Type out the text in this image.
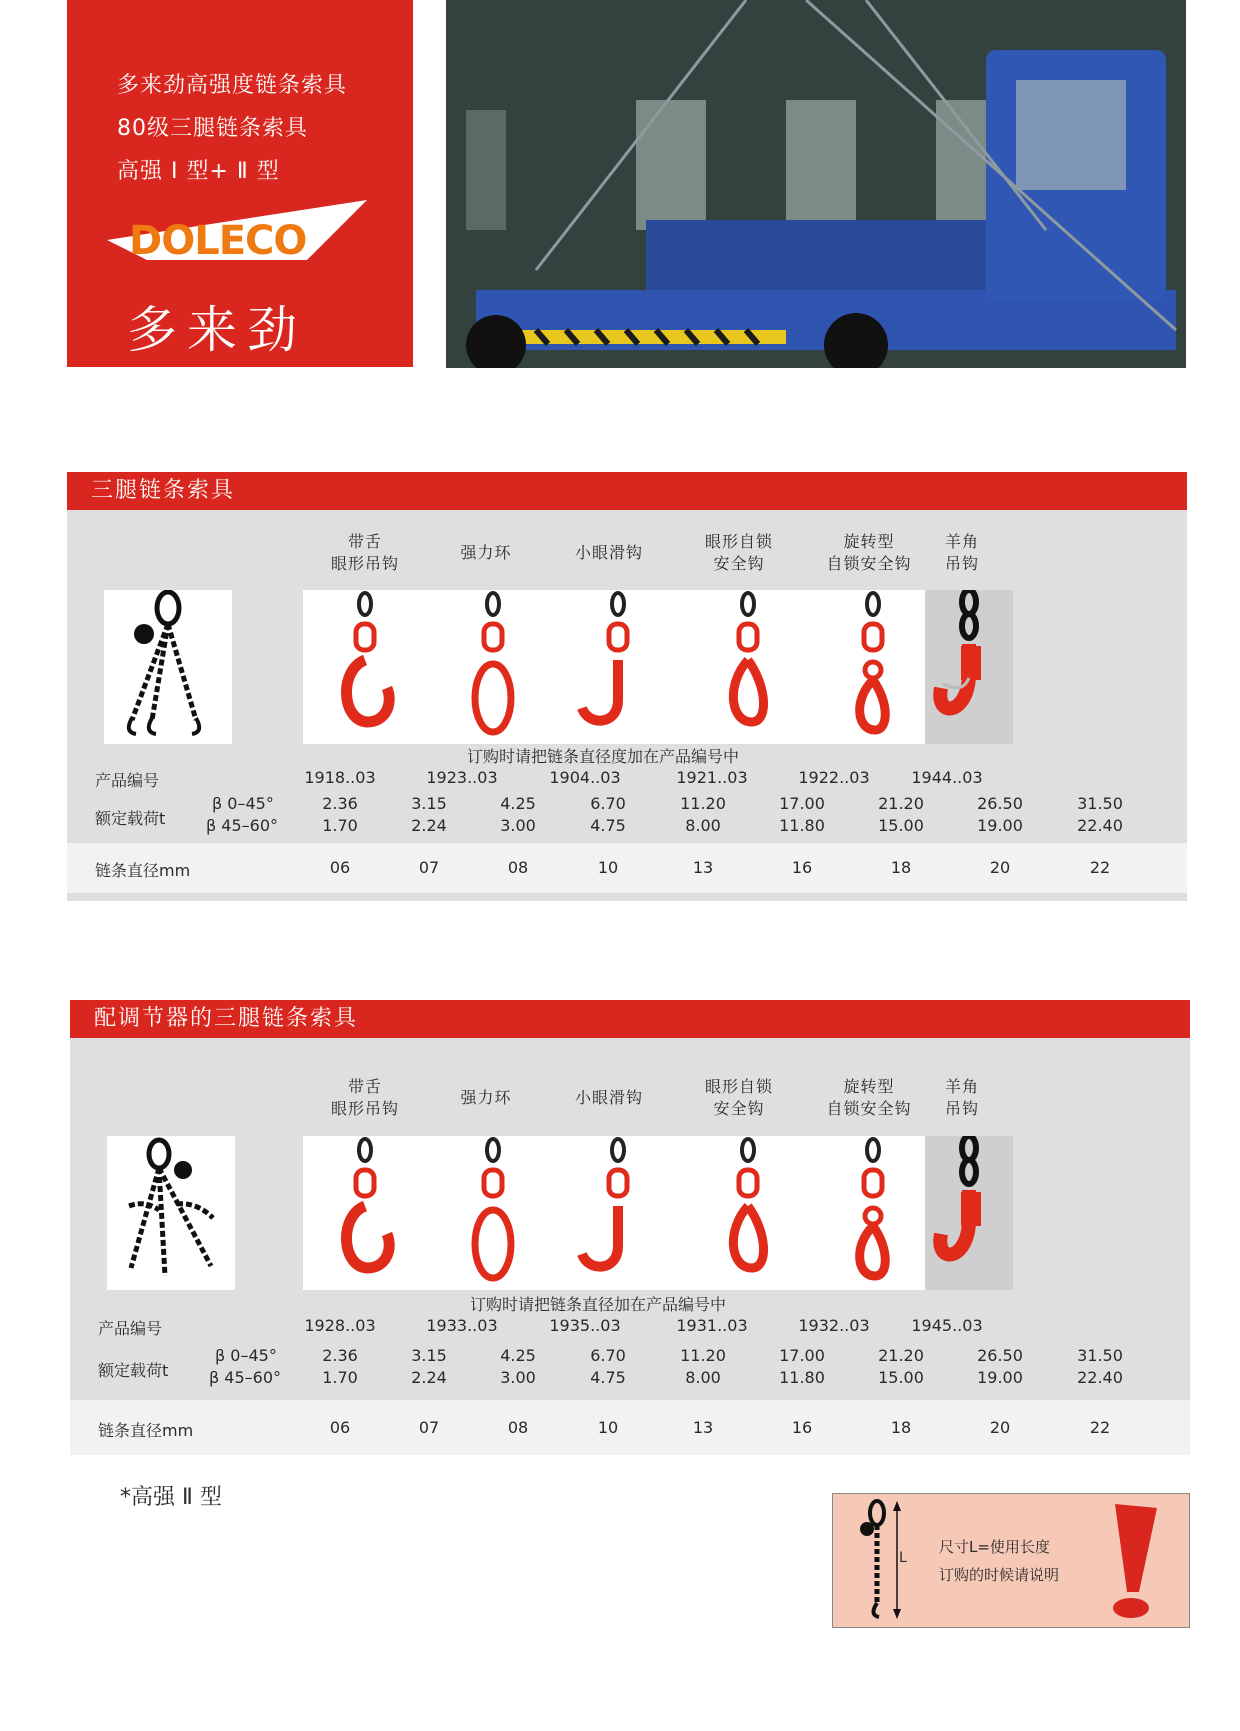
多来劲高强度链条索具
80级三腿链条索具
高强 Ⅰ 型+ Ⅱ 型
DOLECO
多来劲
三腿链条索具
带舌
眼形吊钩
强力环	小眼滑钩
眼形自锁
安全钩
旋转型
自锁安全钩
羊角
吊钩
订购时请把链条直径度加在产品编号中
产品编号	1918..03	1923..03	1904..03	1921..03	1922..03	1944..03
额定载荷t
β 0–45°
β 45–60°
2.36	3.15	4.25	6.70	11.20	17.00	21.20	26.50	31.50
1.70	2.24	3.00	4.75	8.00	11.80	15.00	19.00	22.40
链条直径mm	06	07	08	10	13	16	18	20	22
配调节器的三腿链条索具
带舌
眼形吊钩
强力环	小眼滑钩
眼形自锁
安全钩
旋转型
自锁安全钩
羊角
吊钩
订购时请把链条直径加在产品编号中
产品编号	1928..03	1933..03	1935..03	1931..03	1932..03	1945..03
额定载荷t
β 0–45°
β 45–60°
2.36	3.15	4.25	6.70	11.20	17.00	21.20	26.50	31.50
1.70	2.24	3.00	4.75	8.00	11.80	15.00	19.00	22.40
链条直径mm	06	07	08	10	13	16	18	20	22
*高强 Ⅱ 型
L
尺寸L=使用长度
订购的时候请说明
